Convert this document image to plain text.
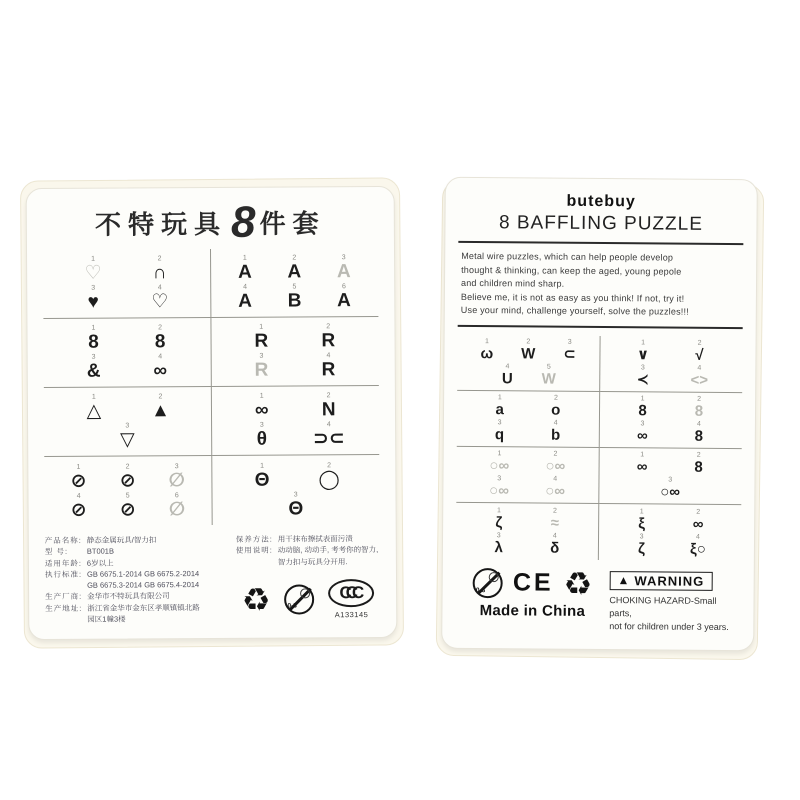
不特玩具 8 件套
1
♡
2
∩
3
♥
4
♡
1
A
2
A
3
A
4
A
5
B
6
A
1
8
2
8
3
&
4
∞
1
R
2
R
3
R
4
R
1
△
2
▲
3
▽
1
∞
2
N
3
θ
4
⊃⊂
1
⊘
2
⊘
3
∅
4
⊘
5
⊘
6
∅
1
Θ
2
◯
3
Θ
产品名称: 静态金属玩具/智力扣
型 号:	BT001B
适用年龄: 6岁以上
执行标准: GB 6675.1-2014 GB 6675.2-2014
GB 6675.3-2014 GB 6675.4-2014
生产厂商: 金华市不特玩具有限公司
生产地址: 浙江省金华市金东区孝顺镇镇北路
园区1幢3楼
保养方法: 用干抹布擦拭表面污渍
使用说明: 动动脑, 动动手, 考考你的智力,
智力扣与玩具分开用.
♻	0-3
CCC
A133145
butebuy
8 BAFFLING PUZZLE
Metal wire puzzles, which can help people develop
thought & thinking, can keep the aged, young pepole
and children mind sharp.
Believe me, it is not as easy as you think! If not, try it!
Use your mind, challenge yourself, solve the puzzles!!!
1
ω
2
W
3
⊂
4
U
5
W
1
∨
2
√
3
≺
4
<>
1
a
2
o
3
q
4
b
1
8
2
8
3
∞
4
8
1
○∞
2
○∞
3
○∞
4
○∞
1
∞
2
8
3
○∞
1
ζ
2
≈
3
λ
4
δ
1
ξ
2
∞
3
ζ
4
ξ○
0-3 CE ♻
Made in China
▲ WARNING
CHOKING HAZARD-Small parts,
not for children under 3 years.
